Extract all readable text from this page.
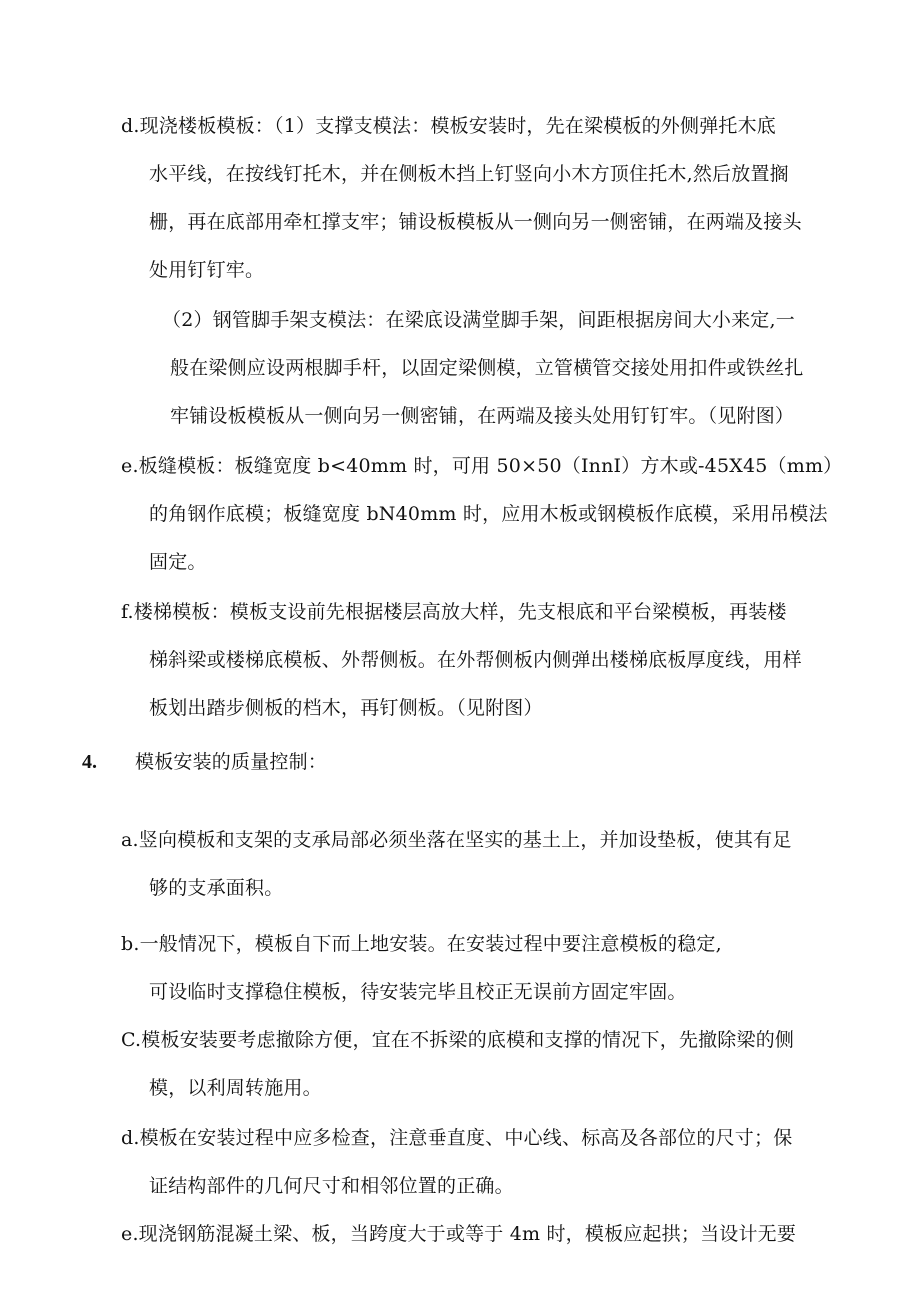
d.现浇楼板模板：（1）支撑支模法：模板安装时，先在梁模板的外侧弹托木底
水平线，在按线钉托木，并在侧板木挡上钉竖向小木方顶住托木,然后放置搁
栅，再在底部用牵杠撑支牢；铺设板模板从一侧向另一侧密铺，在两端及接头
处用钉钉牢。
（2）钢管脚手架支模法：在梁底设满堂脚手架，间距根据房间大小来定,一
般在梁侧应设两根脚手杆，以固定梁侧模，立管横管交接处用扣件或铁丝扎
牢铺设板模板从一侧向另一侧密铺，在两端及接头处用钉钉牢。（见附图）
e.板缝模板：板缝宽度 b<40mm 时，可用 50×50（InnI）方木或-45X45（mm）
的角钢作底模；板缝宽度 bN40mm 时，应用木板或钢模板作底模，采用吊模法
固定。
f.楼梯模板：模板支设前先根据楼层高放大样，先支根底和平台梁模板，再装楼
梯斜梁或楼梯底模板、外帮侧板。在外帮侧板内侧弹出楼梯底板厚度线，用样
板划出踏步侧板的档木，再钉侧板。（见附图）
4. 模板安装的质量控制：
a.竖向模板和支架的支承局部必须坐落在坚实的基土上，并加设垫板，使其有足
够的支承面积。
b.一般情况下，模板自下而上地安装。在安装过程中要注意模板的稳定,
可设临时支撑稳住模板，待安装完毕且校正无误前方固定牢固。
C.模板安装要考虑撤除方便，宜在不拆梁的底模和支撑的情况下，先撤除梁的侧
模，以利周转施用。
d.模板在安装过程中应多检查，注意垂直度、中心线、标高及各部位的尺寸；保
证结构部件的几何尺寸和相邻位置的正确。
e.现浇钢筋混凝土梁、板，当跨度大于或等于 4m 时，模板应起拱；当设计无要
